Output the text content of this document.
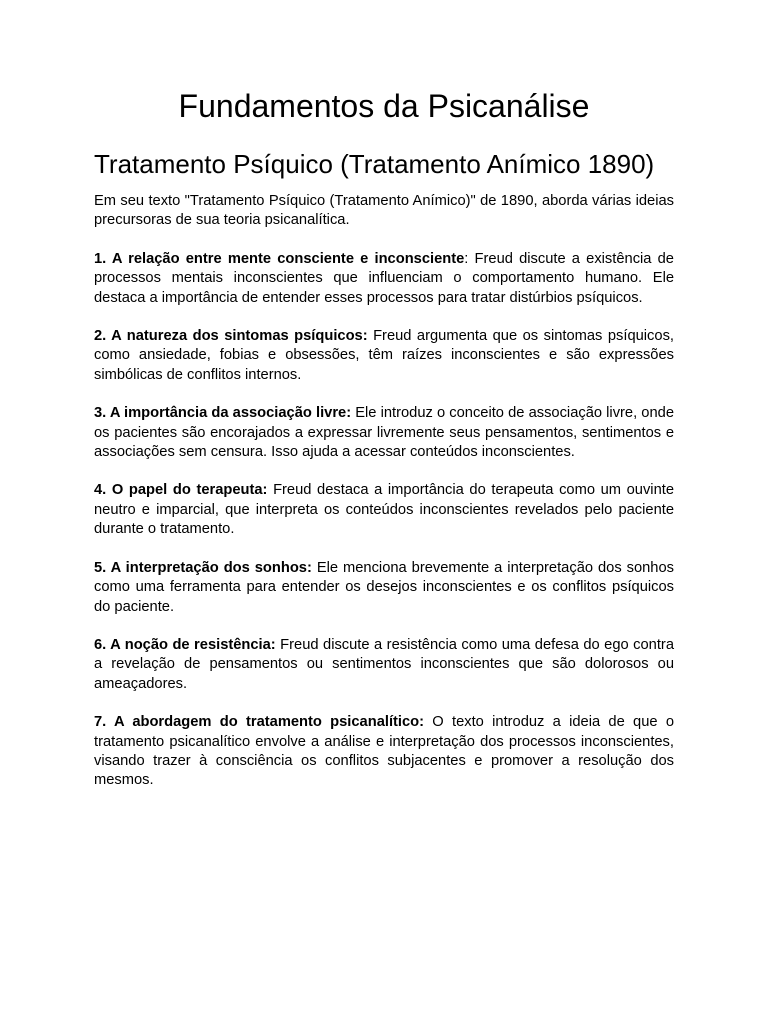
Fundamentos da Psicanálise
Tratamento Psíquico (Tratamento Anímico 1890)

Em seu texto "Tratamento Psíquico (Tratamento Anímico)" de 1890, aborda várias ideias precursoras de sua teoria psicanalítica.

1. A relação entre mente consciente e inconsciente: Freud discute a existência de processos mentais inconscientes que influenciam o comportamento humano. Ele destaca a importância de entender esses processos para tratar distúrbios psíquicos.

2. A natureza dos sintomas psíquicos: Freud argumenta que os sintomas psíquicos, como ansiedade, fobias e obsessões, têm raízes inconscientes e são expressões simbólicas de conflitos internos.

3. A importância da associação livre: Ele introduz o conceito de associação livre, onde os pacientes são encorajados a expressar livremente seus pensamentos, sentimentos e associações sem censura. Isso ajuda a acessar conteúdos inconscientes.

4. O papel do terapeuta: Freud destaca a importância do terapeuta como um ouvinte neutro e imparcial, que interpreta os conteúdos inconscientes revelados pelo paciente durante o tratamento.

5. A interpretação dos sonhos: Ele menciona brevemente a interpretação dos sonhos como uma ferramenta para entender os desejos inconscientes e os conflitos psíquicos do paciente.

6. A noção de resistência: Freud discute a resistência como uma defesa do ego contra a revelação de pensamentos ou sentimentos inconscientes que são dolorosos ou ameaçadores.

7. A abordagem do tratamento psicanalítico: O texto introduz a ideia de que o tratamento psicanalítico envolve a análise e interpretação dos processos inconscientes, visando trazer à consciência os conflitos subjacentes e promover a resolução dos mesmos.
